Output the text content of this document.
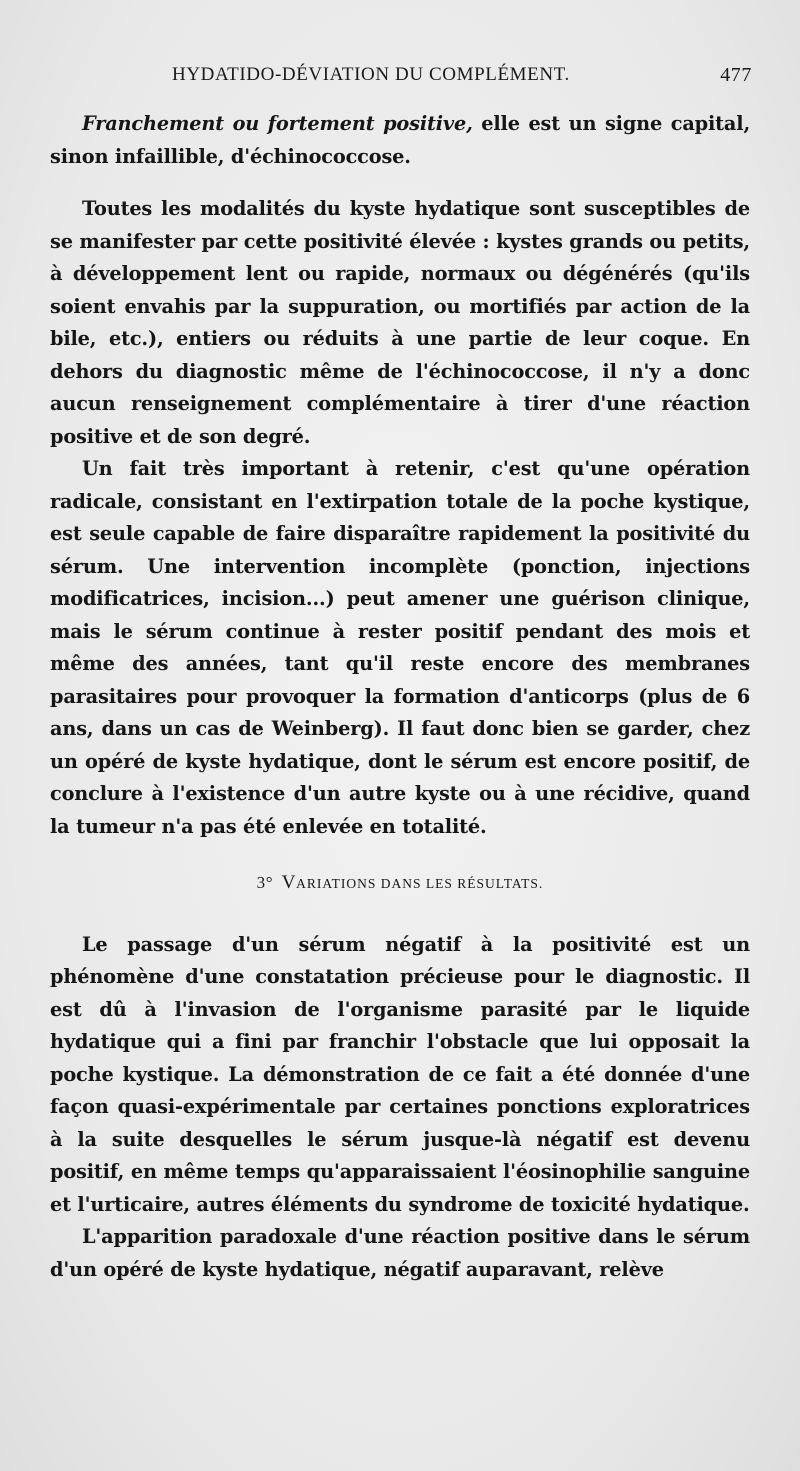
HYDATIDO-DÉVIATION DU COMPLÉMENT.	477

Franchement ou fortement positive, elle est un signe capital, sinon infaillible, d'échinococcose.

Toutes les modalités du kyste hydatique sont susceptibles de se manifester par cette positivité élevée : kystes grands ou petits, à développement lent ou rapide, normaux ou dégénérés (qu'ils soient envahis par la suppuration, ou mortifiés par action de la bile, etc.), entiers ou réduits à une partie de leur coque. En dehors du diagnostic même de l'échinococcose, il n'y a donc aucun renseignement complémentaire à tirer d'une réaction positive et de son degré.

Un fait très important à retenir, c'est qu'une opération radicale, consistant en l'extirpation totale de la poche kystique, est seule capable de faire disparaître rapidement la positivité du sérum. Une intervention incomplète (ponction, injections modificatrices, incision...) peut amener une guérison clinique, mais le sérum continue à rester positif pendant des mois et même des années, tant qu'il reste encore des membranes parasitaires pour provoquer la formation d'anticorps (plus de 6 ans, dans un cas de Weinberg). Il faut donc bien se garder, chez un opéré de kyste hydatique, dont le sérum est encore positif, de conclure à l'existence d'un autre kyste ou à une récidive, quand la tumeur n'a pas été enlevée en totalité.

3° VARIATIONS DANS LES RÉSULTATS.

Le passage d'un sérum négatif à la positivité est un phénomène d'une constatation précieuse pour le diagnostic. Il est dû à l'invasion de l'organisme parasité par le liquide hydatique qui a fini par franchir l'obstacle que lui opposait la poche kystique. La démonstration de ce fait a été donnée d'une façon quasi-expérimentale par certaines ponctions exploratrices à la suite desquelles le sérum jusque-là négatif est devenu positif, en même temps qu'apparaissaient l'éosinophilie sanguine et l'urticaire, autres éléments du syndrome de toxicité hydatique.

L'apparition paradoxale d'une réaction positive dans le sérum d'un opéré de kyste hydatique, négatif auparavant, relève
